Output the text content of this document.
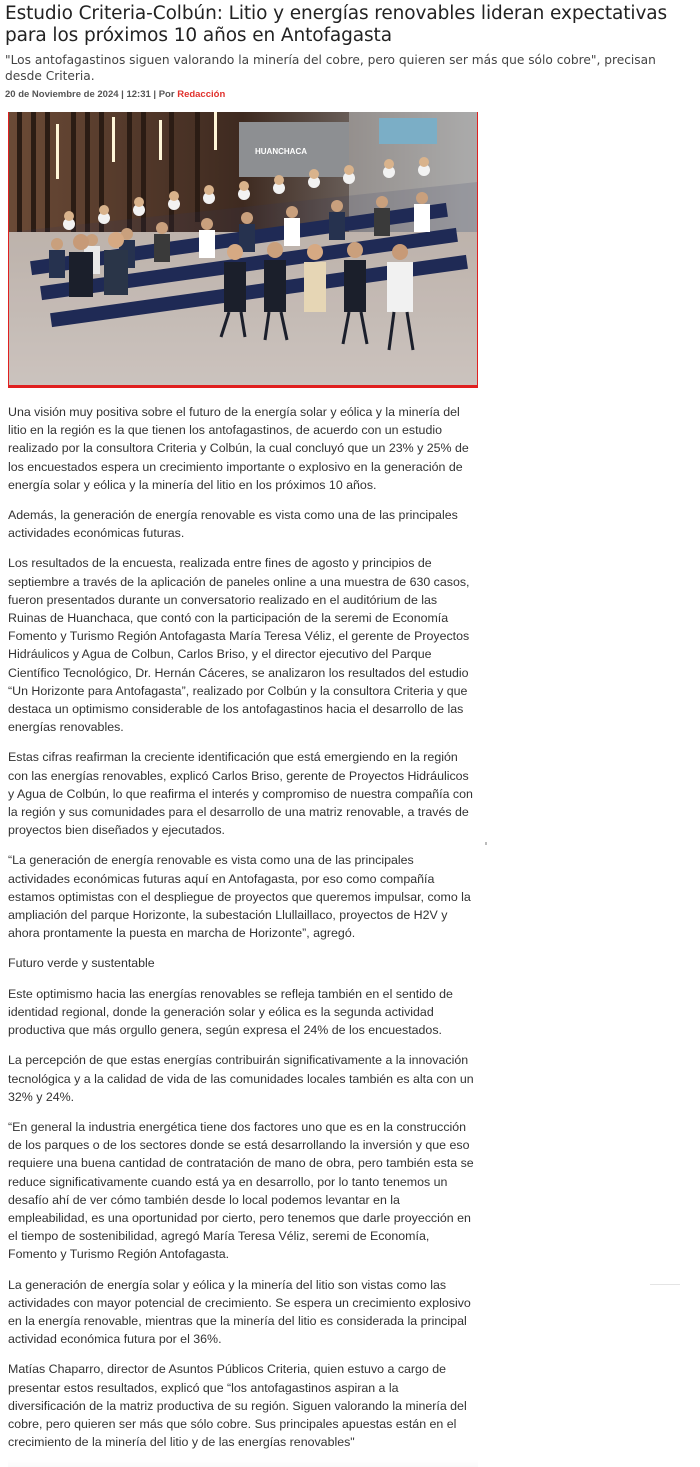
Estudio Criteria-Colbún: Litio y energías renovables lideran expectativas para los próximos 10 años en Antofagasta

"Los antofagastinos siguen valorando la minería del cobre, pero quieren ser más que sólo cobre", precisan desde Criteria.

20 de Noviembre de 2024 | 12:31 | Por Redacción
HUANCHACA

Una visión muy positiva sobre el futuro de la energía solar y eólica y la minería del litio en la región es la que tienen los antofagastinos, de acuerdo con un estudio realizado por la consultora Criteria y Colbún, la cual concluyó que un 23% y 25% de los encuestados espera un crecimiento importante o explosivo en la generación de energía solar y eólica y la minería del litio en los próximos 10 años.

Además, la generación de energía renovable es vista como una de las principales actividades económicas futuras.

Los resultados de la encuesta, realizada entre fines de agosto y principios de septiembre a través de la aplicación de paneles online a una muestra de 630 casos, fueron presentados durante un conversatorio realizado en el auditórium de las Ruinas de Huanchaca, que contó con la participación de la seremi de Economía Fomento y Turismo Región Antofagasta María Teresa Véliz, el gerente de Proyectos Hidráulicos y Agua de Colbun, Carlos Briso, y el director ejecutivo del Parque Científico Tecnológico, Dr. Hernán Cáceres, se analizaron los resultados del estudio “Un Horizonte para Antofagasta”, realizado por Colbún y la consultora Criteria y que destaca un optimismo considerable de los antofagastinos hacia el desarrollo de las energías renovables.

Estas cifras reafirman la creciente identificación que está emergiendo en la región con las energías renovables, explicó Carlos Briso, gerente de Proyectos Hidráulicos y Agua de Colbún, lo que reafirma el interés y compromiso de nuestra compañía con la región y sus comunidades para el desarrollo de una matriz renovable, a través de proyectos bien diseñados y ejecutados.

“La generación de energía renovable es vista como una de las principales actividades económicas futuras aquí en Antofagasta, por eso como compañía estamos optimistas con el despliegue de proyectos que queremos impulsar, como la ampliación del parque Horizonte, la subestación Llullaillaco, proyectos de H2V y ahora prontamente la puesta en marcha de Horizonte”, agregó.

Futuro verde y sustentable

Este optimismo hacia las energías renovables se refleja también en el sentido de identidad regional, donde la generación solar y eólica es la segunda actividad productiva que más orgullo genera, según expresa el 24% de los encuestados.

La percepción de que estas energías contribuirán significativamente a la innovación tecnológica y a la calidad de vida de las comunidades locales también es alta con un 32% y 24%.

“En general la industria energética tiene dos factores uno que es en la construcción de los parques o de los sectores donde se está desarrollando la inversión y que eso requiere una buena cantidad de contratación de mano de obra, pero también esta se reduce significativamente cuando está ya en desarrollo, por lo tanto tenemos un desafío ahí de ver cómo también desde lo local podemos levantar en la empleabilidad, es una oportunidad por cierto, pero tenemos que darle proyección en el tiempo de sostenibilidad, agregó María Teresa Véliz, seremi de Economía, Fomento y Turismo Región Antofagasta.

La generación de energía solar y eólica y la minería del litio son vistas como las actividades con mayor potencial de crecimiento. Se espera un crecimiento explosivo en la energía renovable, mientras que la minería del litio es considerada la principal actividad económica futura por el 36%.

Matías Chaparro, director de Asuntos Públicos Criteria, quien estuvo a cargo de presentar estos resultados, explicó que “los antofagastinos aspiran a la diversificación de la matriz productiva de su región. Siguen valorando la minería del cobre, pero quieren ser más que sólo cobre. Sus principales apuestas están en el crecimiento de la minería del litio y de las energías renovables"
